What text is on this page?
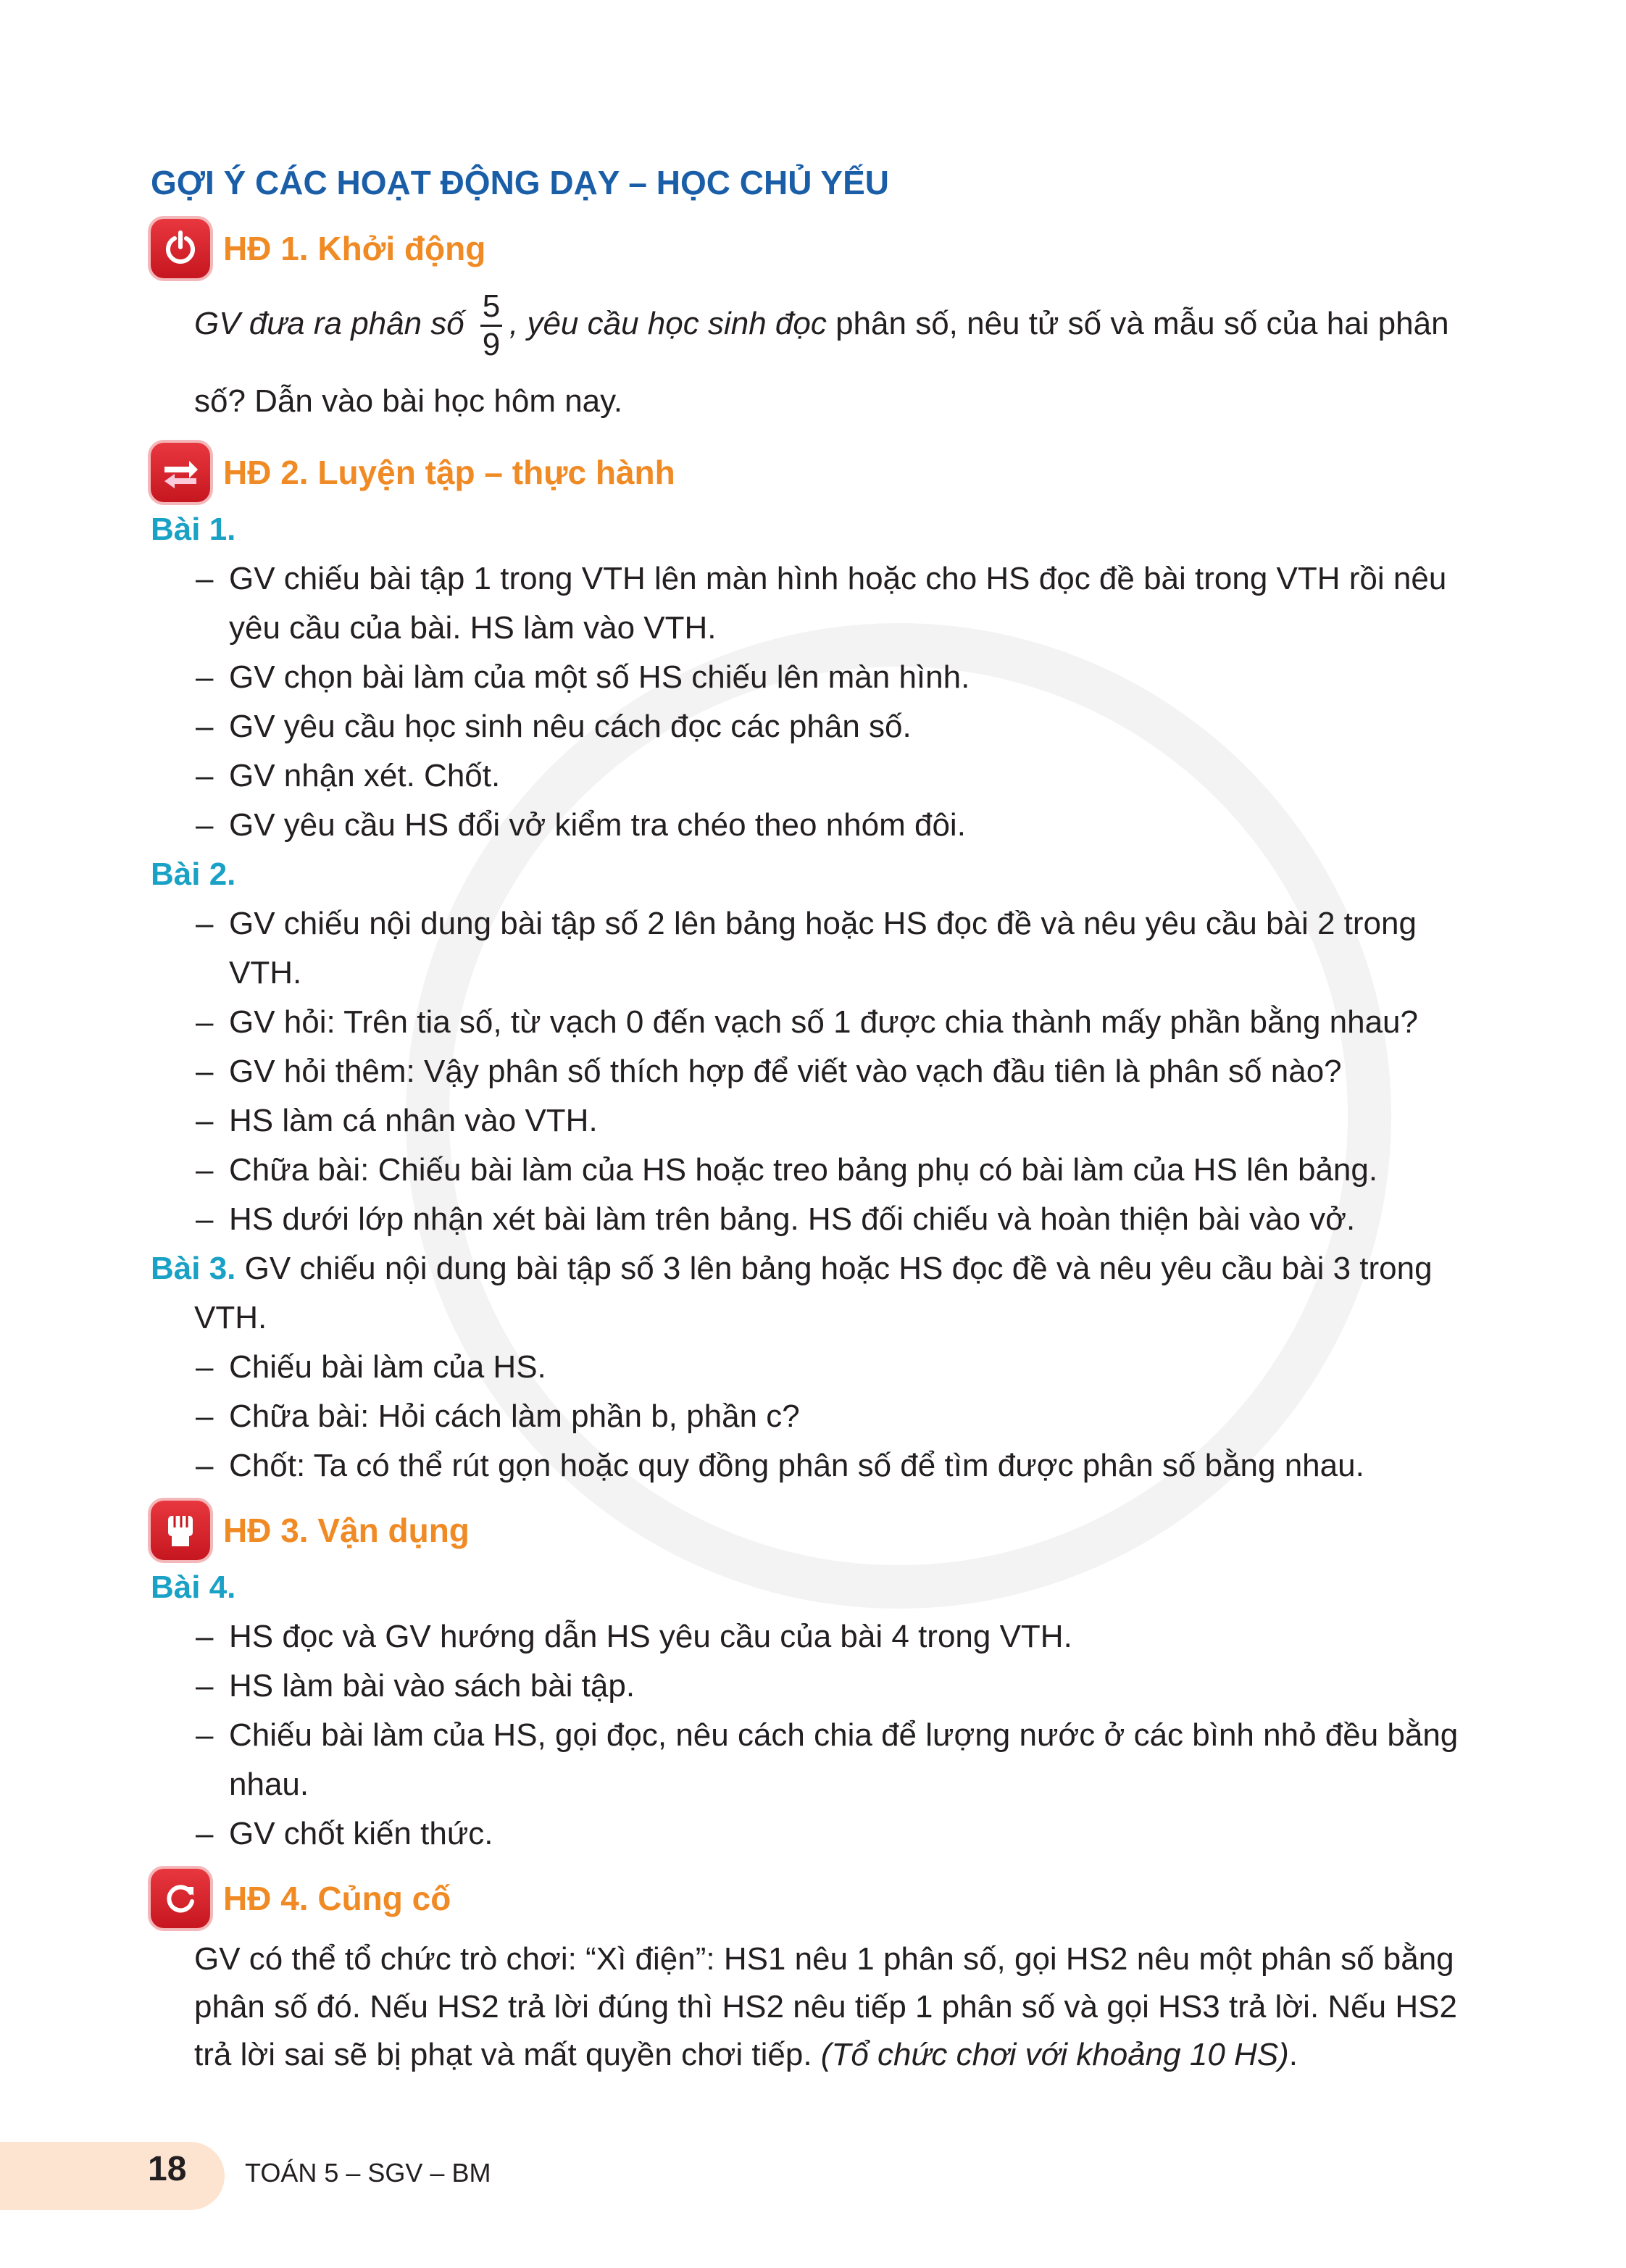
GỢI Ý CÁC HOẠT ĐỘNG DẠY – HỌC CHỦ YẾU
HĐ 1. Khởi động

GV đưa ra phân số $\frac{5}{9}$ , yêu cầu học sinh đọc phân số, nêu tử số và mẫu số của hai phân

số? Dẫn vào bài học hôm nay.

HĐ 2. Luyện tập – thực hành
Bài 1.
– GV chiếu bài tập 1 trong VTH lên màn hình hoặc cho HS đọc đề bài trong VTH rồi nêu yêu cầu của bài. HS làm vào VTH.
– GV chọn bài làm của một số HS chiếu lên màn hình.
– GV yêu cầu học sinh nêu cách đọc các phân số.
– GV nhận xét. Chốt.
– GV yêu cầu HS đổi vở kiểm tra chéo theo nhóm đôi.
Bài 2.
– GV chiếu nội dung bài tập số 2 lên bảng hoặc HS đọc đề và nêu yêu cầu bài 2 trong VTH.
– GV hỏi: Trên tia số, từ vạch 0 đến vạch số 1 được chia thành mấy phần bằng nhau?
– GV hỏi thêm: Vậy phân số thích hợp để viết vào vạch đầu tiên là phân số nào?
– HS làm cá nhân vào VTH.
– Chữa bài: Chiếu bài làm của HS hoặc treo bảng phụ có bài làm của HS lên bảng.
– HS dưới lớp nhận xét bài làm trên bảng. HS đối chiếu và hoàn thiện bài vào vở.
Bài 3. GV chiếu nội dung bài tập số 3 lên bảng hoặc HS đọc đề và nêu yêu cầu bài 3 trong
VTH.
– Chiếu bài làm của HS.
– Chữa bài: Hỏi cách làm phần b, phần c?
– Chốt: Ta có thể rút gọn hoặc quy đồng phân số để tìm được phân số bằng nhau.
HĐ 3. Vận dụng
Bài 4.
– HS đọc và GV hướng dẫn HS yêu cầu của bài 4 trong VTH.
– HS làm bài vào sách bài tập.
– Chiếu bài làm của HS, gọi đọc, nêu cách chia để lượng nước ở các bình nhỏ đều bằng nhau.
– GV chốt kiến thức.
HĐ 4. Củng cố

GV có thể tổ chức trò chơi: “Xì điện”: HS1 nêu 1 phân số, gọi HS2 nêu một phân số bằng phân số đó. Nếu HS2 trả lời đúng thì HS2 nêu tiếp 1 phân số và gọi HS3 trả lời. Nếu HS2 trả lời sai sẽ bị phạt và mất quyền chơi tiếp. (Tổ chức chơi với khoảng 10 HS).

18 TOÁN 5 – SGV – BM
